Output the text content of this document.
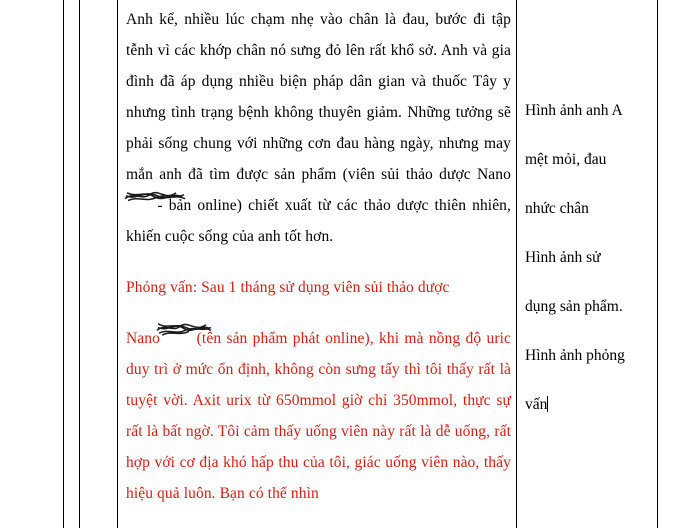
Anh kể, nhiều lúc chạm nhẹ vào chân là đau, bước đi tập tễnh vì các khớp chân nó sưng đỏ lên rất khổ sở. Anh và gia đình đã áp dụng nhiều biện pháp dân gian và thuốc Tây y nhưng tình trạng bệnh không thuyên giảm. Những tưởng sẽ phải sống chung với những cơn đau hàng ngày, nhưng may mắn anh đã tìm được sản phẩm (viên sủi thảo dược Nano
- bản online) chiết xuất từ các thảo dược thiên nhiên, khiến cuộc sống của anh tốt hơn.

Phỏng vấn: Sau 1 tháng sử dụng viên sủi thảo dược

Nano (tên sản phẩm phát online), khi mà nồng độ uric duy trì ở mức ổn định, không còn sưng tấy thì tôi thấy rất là tuyệt vời. Axit urix từ 650mmol giờ chỉ 350mmol, thực sự rất là bất ngờ. Tôi cảm thấy uống viên này rất là dễ uống, rất hợp với cơ địa khó hấp thu của tôi, giác uống viên nào, thấy hiệu quả luôn. Bạn có thể nhìn

Hình ảnh anh A
mệt mỏi, đau
nhức chân
Hình ảnh sử
dụng sản phẩm.
Hình ảnh phỏng
vấn
